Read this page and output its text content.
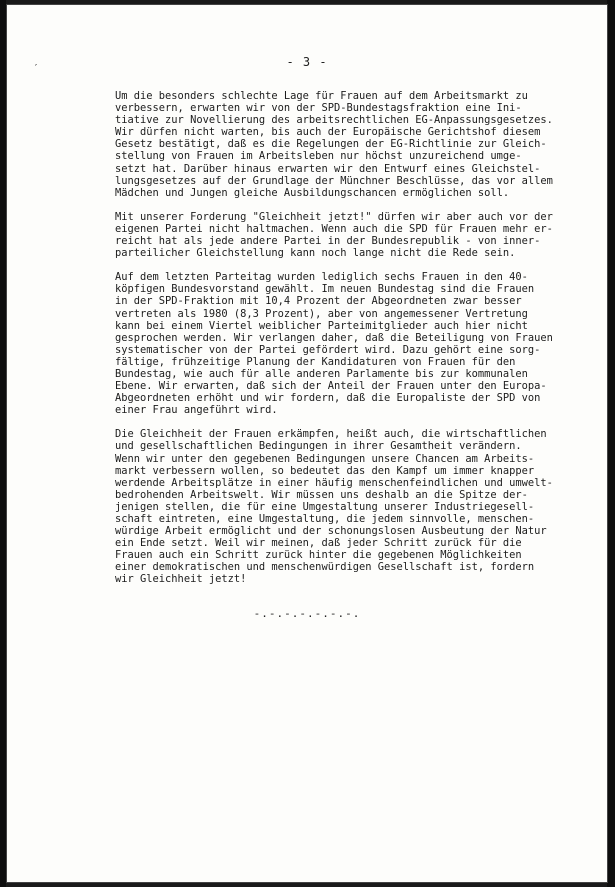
′	- 3 -
Um die besonders schlechte Lage für Frauen auf dem Arbeitsmarkt zu
verbessern, erwarten wir von der SPD-Bundestagsfraktion eine Ini-
tiative zur Novellierung des arbeitsrechtlichen EG-Anpassungsgesetzes.
Wir dürfen nicht warten, bis auch der Europäische Gerichtshof diesem
Gesetz bestätigt, daß es die Regelungen der EG-Richtlinie zur Gleich-
stellung von Frauen im Arbeitsleben nur höchst unzureichend umge-
setzt hat. Darüber hinaus erwarten wir den Entwurf eines Gleichstel-
lungsgesetzes auf der Grundlage der Münchner Beschlüsse, das vor allem
Mädchen und Jungen gleiche Ausbildungschancen ermöglichen soll.
Mit unserer Forderung "Gleichheit jetzt!" dürfen wir aber auch vor der
eigenen Partei nicht haltmachen. Wenn auch die SPD für Frauen mehr er-
reicht hat als jede andere Partei in der Bundesrepublik - von inner-
parteilicher Gleichstellung kann noch lange nicht die Rede sein.
Auf dem letzten Parteitag wurden lediglich sechs Frauen in den 40-
köpfigen Bundesvorstand gewählt. Im neuen Bundestag sind die Frauen
in der SPD-Fraktion mit 10,4 Prozent der Abgeordneten zwar besser
vertreten als 1980 (8,3 Prozent), aber von angemessener Vertretung
kann bei einem Viertel weiblicher Parteimitglieder auch hier nicht
gesprochen werden. Wir verlangen daher, daß die Beteiligung von Frauen
systematischer von der Partei gefördert wird. Dazu gehört eine sorg-
fältige, frühzeitige Planung der Kandidaturen von Frauen für den
Bundestag, wie auch für alle anderen Parlamente bis zur kommunalen
Ebene. Wir erwarten, daß sich der Anteil der Frauen unter den Europa-
Abgeordneten erhöht und wir fordern, daß die Europaliste der SPD von
einer Frau angeführt wird.
Die Gleichheit der Frauen erkämpfen, heißt auch, die wirtschaftlichen
und gesellschaftlichen Bedingungen in ihrer Gesamtheit verändern.
Wenn wir unter den gegebenen Bedingungen unsere Chancen am Arbeits-
markt verbessern wollen, so bedeutet das den Kampf um immer knapper
werdende Arbeitsplätze in einer häufig menschenfeindlichen und umwelt-
bedrohenden Arbeitswelt. Wir müssen uns deshalb an die Spitze der-
jenigen stellen, die für eine Umgestaltung unserer Industriegesell-
schaft eintreten, eine Umgestaltung, die jedem sinnvolle, menschen-
würdige Arbeit ermöglicht und der schonungslosen Ausbeutung der Natur
ein Ende setzt. Weil wir meinen, daß jeder Schritt zurück für die
Frauen auch ein Schritt zurück hinter die gegebenen Möglichkeiten
einer demokratischen und menschenwürdigen Gesellschaft ist, fordern
wir Gleichheit jetzt!
-.-.-.-.-.-.-.
